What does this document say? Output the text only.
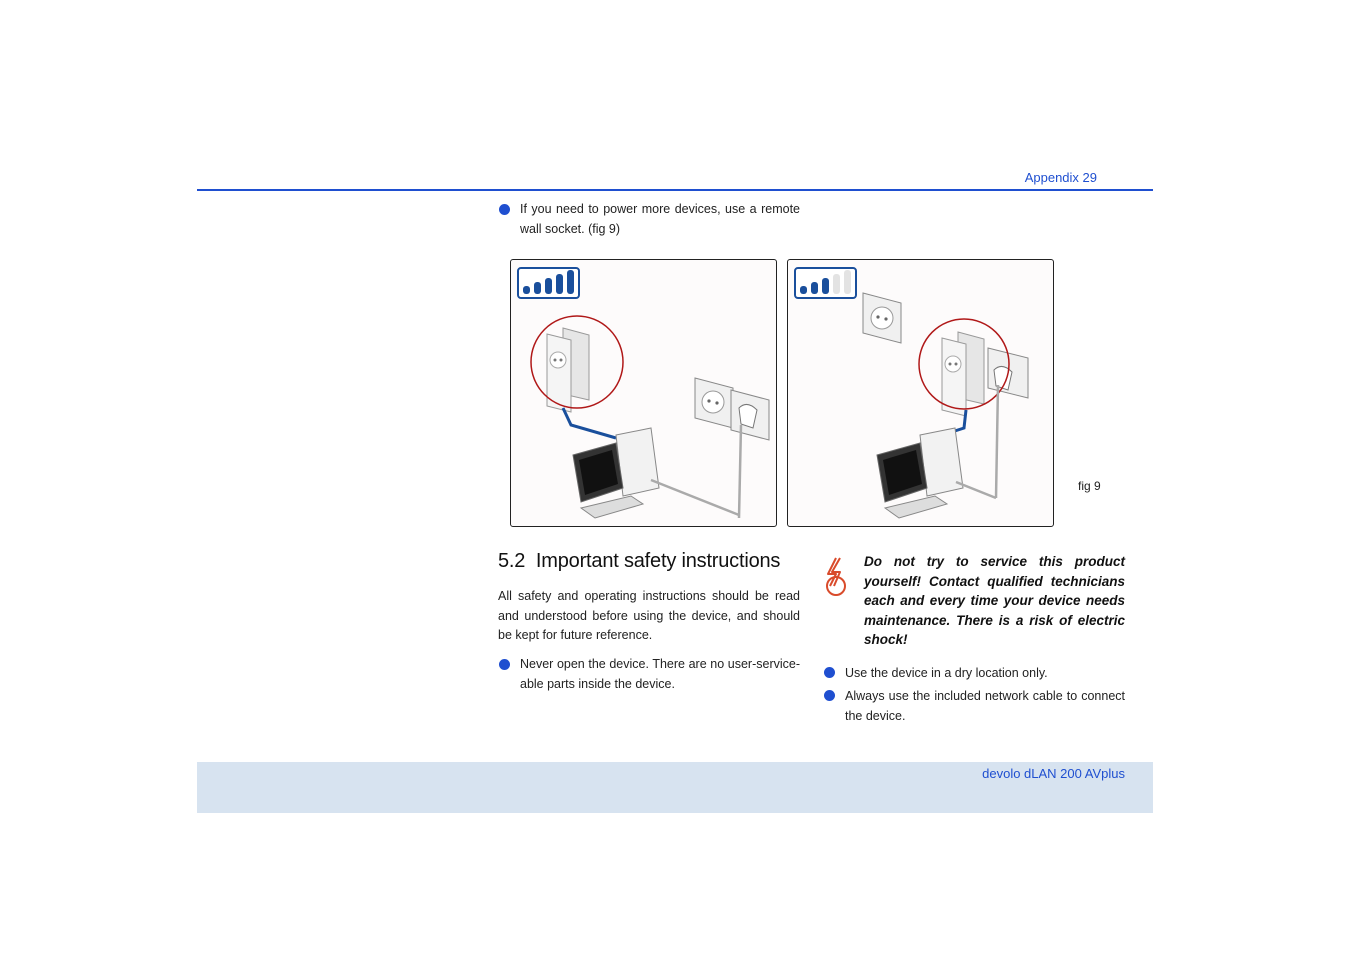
Appendix 29
If you need to power more devices, use a remote wall socket. (fig 9)
fig 9
5.2  Important safety instructions
All safety and operating instructions should be read and understood before using the device, and should be kept for future reference.
Never open the device. There are no user-service-able parts inside the device.
Do not try to service this product yourself! Contact qualified technicians each and every time your device needs maintenance. There is a risk of electric shock!
Use the device in a dry location only.
Always use the included network cable to connect the device.
devolo dLAN 200 AVplus
